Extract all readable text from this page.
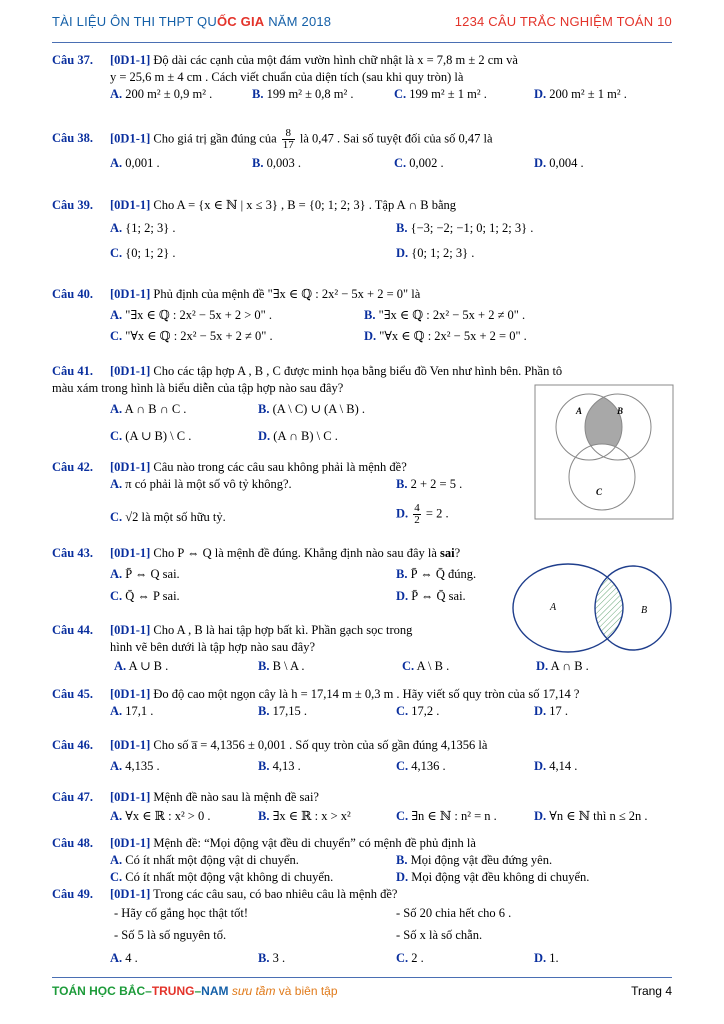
TÀI LIỆU ÔN THI THPT QUỐC GIA NĂM 2018	1234 CÂU TRẮC NGHIỆM TOÁN 10
Câu 37. [0D1-1] Độ dài các cạnh của một đám vườn hình chữ nhật là x = 7,8 m ± 2 cm và
y = 25,6 m ± 4 cm . Cách viết chuẩn của diện tích (sau khi quy tròn) là
A. 200 m² ± 0,9 m² .	B. 199 m² ± 0,8 m² .	C. 199 m² ± 1 m² .	D. 200 m² ± 1 m² .
Câu 38. [0D1-1] Cho giá trị gần đúng của $\frac{8}{17}$ là 0,47 . Sai số tuyệt đối của số 0,47 là
A. 0,001 .	B. 0,003 .	C. 0,002 .	D. 0,004 .
Câu 39. [0D1-1] Cho A = {x ∈ ℕ | x ≤ 3} , B = {0; 1; 2; 3} . Tập A ∩ B bằng
A. {1; 2; 3} .	B. {−3; −2; −1; 0; 1; 2; 3} .
C. {0; 1; 2} .	D. {0; 1; 2; 3} .
Câu 40. [0D1-1] Phủ định của mệnh đề "∃x ∈ ℚ : 2x² − 5x + 2 = 0" là
A. "∃x ∈ ℚ : 2x² − 5x + 2 > 0" .	B. "∃x ∈ ℚ : 2x² − 5x + 2 ≠ 0" .
C. "∀x ∈ ℚ : 2x² − 5x + 2 ≠ 0" .	D. "∀x ∈ ℚ : 2x² − 5x + 2 = 0" .
Câu 41. [0D1-1] Cho các tập hợp A , B , C được minh họa bằng biểu đồ Ven như hình bên. Phần tô
màu xám trong hình là biểu diễn của tập hợp nào sau đây?
A. A ∩ B ∩ C .	B. (A \ C) ∪ (A \ B) .
C. (A ∪ B) \ C .	D. (A ∩ B) \ C .
A	B
C
Câu 42. [0D1-1] Câu nào trong các câu sau không phải là mệnh đề?
A. π có phải là một số vô tỷ không?.	B. 2 + 2 = 5 .
C. √2 là một số hữu tỷ.	D. $\frac{4}{2} = 2$ .
Câu 43. [0D1-1] Cho P ⇔ Q là mệnh đề đúng. Khẳng định nào sau đây là sai?
A. P̄ ⇔ Q sai.	B. P̄ ⇔ Q̄ đúng.
C. Q̄ ⇔ P sai.	D. P̄ ⇔ Q̄ sai.
A	B
Câu 44. [0D1-1] Cho A , B là hai tập hợp bất kì. Phần gạch sọc trong
hình vẽ bên dưới là tập hợp nào sau đây?
A. A ∪ B .	B. B \ A .	C. A \ B .	D. A ∩ B .
Câu 45. [0D1-1] Đo độ cao một ngọn cây là h = 17,14 m ± 0,3 m . Hãy viết số quy tròn của số 17,14 ?
A. 17,1 .	B. 17,15 .	C. 17,2 .	D. 17 .
Câu 46. [0D1-1] Cho số a̅ = 4,1356 ± 0,001 . Số quy tròn của số gần đúng 4,1356 là
A. 4,135 .	B. 4,13 .	C. 4,136 .	D. 4,14 .
Câu 47. [0D1-1] Mệnh đề nào sau là mệnh đề sai?
A. ∀x ∈ ℝ : x² > 0 .	B. ∃x ∈ ℝ : x > x²	C. ∃n ∈ ℕ : n² = n .	D. ∀n ∈ ℕ thì n ≤ 2n .
Câu 48. [0D1-1] Mệnh đề: “Mọi động vật đều di chuyển” có mệnh đề phủ định là
A. Có ít nhất một động vật di chuyển.	B. Mọi động vật đều đứng yên.
C. Có ít nhất một động vật không di chuyển.	D. Mọi động vật đều không di chuyển.
Câu 49. [0D1-1] Trong các câu sau, có bao nhiêu câu là mệnh đề?
- Hãy cố gắng học thật tốt!	- Số 20 chia hết cho 6 .
- Số 5 là số nguyên tố.	- Số x là số chẵn.
A. 4 .	B. 3 .	C. 2 .	D. 1.
TOÁN HỌC BẮC–TRUNG–NAM sưu tầm và biên tập	Trang 4
